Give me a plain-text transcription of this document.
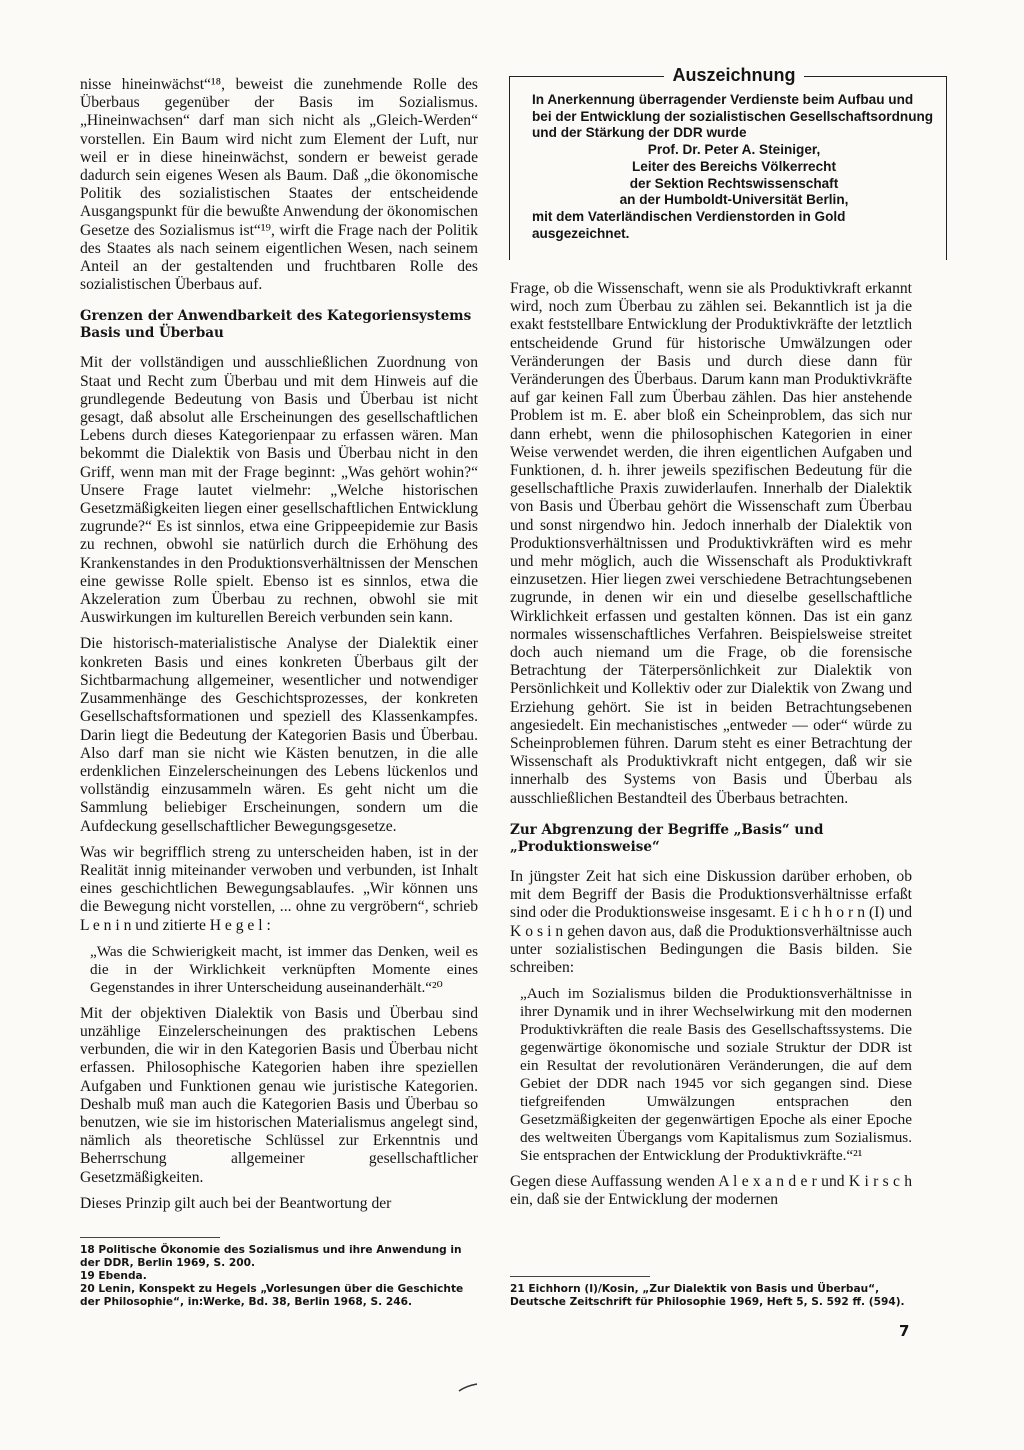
nisse hineinwächst“¹⁸, beweist die zunehmende Rolle des Überbaus gegenüber der Basis im Sozialismus. „Hineinwachsen“ darf man sich nicht als „Gleich-Werden“ vorstellen. Ein Baum wird nicht zum Element der Luft, nur weil er in diese hineinwächst, sondern er beweist gerade dadurch sein eigenes Wesen als Baum. Daß „die ökonomische Politik des sozialistischen Staates der entscheidende Ausgangspunkt für die bewußte Anwendung der ökonomischen Gesetze des Sozialismus ist“¹⁹, wirft die Frage nach der Politik des Staates als nach seinem eigentlichen Wesen, nach seinem Anteil an der gestaltenden und fruchtbaren Rolle des sozialistischen Überbaus auf.

Grenzen der Anwendbarkeit des Kategoriensystems Basis und Überbau

Mit der vollständigen und ausschließlichen Zuordnung von Staat und Recht zum Überbau und mit dem Hinweis auf die grundlegende Bedeutung von Basis und Überbau ist nicht gesagt, daß absolut alle Erscheinungen des gesellschaftlichen Lebens durch dieses Kategorienpaar zu erfassen wären. Man bekommt die Dialektik von Basis und Überbau nicht in den Griff, wenn man mit der Frage beginnt: „Was gehört wohin?“ Unsere Frage lautet vielmehr: „Welche historischen Gesetzmäßigkeiten liegen einer gesellschaftlichen Entwicklung zugrunde?“ Es ist sinnlos, etwa eine Grippeepidemie zur Basis zu rechnen, obwohl sie natürlich durch die Erhöhung des Krankenstandes in den Produktionsverhältnissen der Menschen eine gewisse Rolle spielt. Ebenso ist es sinnlos, etwa die Akzeleration zum Überbau zu rechnen, obwohl sie mit Auswirkungen im kulturellen Bereich verbunden sein kann.

Die historisch-materialistische Analyse der Dialektik einer konkreten Basis und eines konkreten Überbaus gilt der Sichtbarmachung allgemeiner, wesentlicher und notwendiger Zusammenhänge des Geschichtsprozesses, der konkreten Gesellschaftsformationen und speziell des Klassenkampfes. Darin liegt die Bedeutung der Kategorien Basis und Überbau. Also darf man sie nicht wie Kästen benutzen, in die alle erdenklichen Einzelerscheinungen des Lebens lückenlos und vollständig einzusammeln wären. Es geht nicht um die Sammlung beliebiger Erscheinungen, sondern um die Aufdeckung gesellschaftlicher Bewegungsgesetze.

Was wir begrifflich streng zu unterscheiden haben, ist in der Realität innig miteinander verwoben und verbunden, ist Inhalt eines geschichtlichen Bewegungsablaufes. „Wir können uns die Bewegung nicht vorstellen, ... ohne zu vergröbern“, schrieb L e n i n und zitierte H e g e l :

„Was die Schwierigkeit macht, ist immer das Denken, weil es die in der Wirklichkeit verknüpften Momente eines Gegenstandes in ihrer Unterscheidung auseinanderhält.“²⁰

Mit der objektiven Dialektik von Basis und Überbau sind unzählige Einzelerscheinungen des praktischen Lebens verbunden, die wir in den Kategorien Basis und Überbau nicht erfassen. Philosophische Kategorien haben ihre speziellen Aufgaben und Funktionen genau wie juristische Kategorien. Deshalb muß man auch die Kategorien Basis und Überbau so benutzen, wie sie im historischen Materialismus angelegt sind, nämlich als theoretische Schlüssel zur Erkenntnis und Beherrschung allgemeiner gesellschaftlicher Gesetzmäßigkeiten.

Dieses Prinzip gilt auch bei der Beantwortung der

Auszeichnung

In Anerkennung überragender Verdienste beim Aufbau und bei der Entwicklung der sozialistischen Gesellschaftsordnung und der Stärkung der DDR wurde

Prof. Dr. Peter A. Steiniger,

Leiter des Bereichs Völkerrecht

der Sektion Rechtswissenschaft

an der Humboldt-Universität Berlin,

mit dem Vaterländischen Verdienstorden in Gold ausgezeichnet.

Frage, ob die Wissenschaft, wenn sie als Produktivkraft erkannt wird, noch zum Überbau zu zählen sei. Bekanntlich ist ja die exakt feststellbare Entwicklung der Produktivkräfte der letztlich entscheidende Grund für historische Umwälzungen oder Veränderungen der Basis und durch diese dann für Veränderungen des Überbaus. Darum kann man Produktivkräfte auf gar keinen Fall zum Überbau zählen. Das hier anstehende Problem ist m. E. aber bloß ein Scheinproblem, das sich nur dann erhebt, wenn die philosophischen Kategorien in einer Weise verwendet werden, die ihren eigentlichen Aufgaben und Funktionen, d. h. ihrer jeweils spezifischen Bedeutung für die gesellschaftliche Praxis zuwiderlaufen. Innerhalb der Dialektik von Basis und Überbau gehört die Wissenschaft zum Überbau und sonst nirgendwo hin. Jedoch innerhalb der Dialektik von Produktionsverhältnissen und Produktivkräften wird es mehr und mehr möglich, auch die Wissenschaft als Produktivkraft einzusetzen. Hier liegen zwei verschiedene Betrachtungsebenen zugrunde, in denen wir ein und dieselbe gesellschaftliche Wirklichkeit erfassen und gestalten können. Das ist ein ganz normales wissenschaftliches Verfahren. Beispielsweise streitet doch auch niemand um die Frage, ob die forensische Betrachtung der Täterpersönlichkeit zur Dialektik von Persönlichkeit und Kollektiv oder zur Dialektik von Zwang und Erziehung gehört. Sie ist in beiden Betrachtungsebenen angesiedelt. Ein mechanistisches „entweder — oder“ würde zu Scheinproblemen führen. Darum steht es einer Betrachtung der Wissenschaft als Produktivkraft nicht entgegen, daß wir sie innerhalb des Systems von Basis und Überbau als ausschließlichen Bestandteil des Überbaus betrachten.

Zur Abgrenzung der Begriffe „Basis“ und „Produktionsweise“

In jüngster Zeit hat sich eine Diskussion darüber erhoben, ob mit dem Begriff der Basis die Produktionsverhältnisse erfaßt sind oder die Produktionsweise insgesamt. E i c h h o r n (I) und K o s i n gehen davon aus, daß die Produktionsverhältnisse auch unter sozialistischen Bedingungen die Basis bilden. Sie schreiben:

„Auch im Sozialismus bilden die Produktionsverhältnisse in ihrer Dynamik und in ihrer Wechselwirkung mit den modernen Produktivkräften die reale Basis des Gesellschaftssystems. Die gegenwärtige ökonomische und soziale Struktur der DDR ist ein Resultat der revolutionären Veränderungen, die auf dem Gebiet der DDR nach 1945 vor sich gegangen sind. Diese tiefgreifenden Umwälzungen entsprachen den Gesetzmäßigkeiten der gegenwärtigen Epoche als einer Epoche des weltweiten Übergangs vom Kapitalismus zum Sozialismus. Sie entsprachen der Entwicklung der Produktivkräfte.“²¹

Gegen diese Auffassung wenden A l e x a n d e r und K i r s c h ein, daß sie der Entwicklung der modernen

18 Politische Ökonomie des Sozialismus und ihre Anwendung in der DDR, Berlin 1969, S. 200.

19 Ebenda.

20 Lenin, Konspekt zu Hegels „Vorlesungen über die Geschichte der Philosophie“, in:Werke, Bd. 38, Berlin 1968, S. 246.

21 Eichhorn (I)/Kosin, „Zur Dialektik von Basis und Überbau“, Deutsche Zeitschrift für Philosophie 1969, Heft 5, S. 592 ff. (594).

7
